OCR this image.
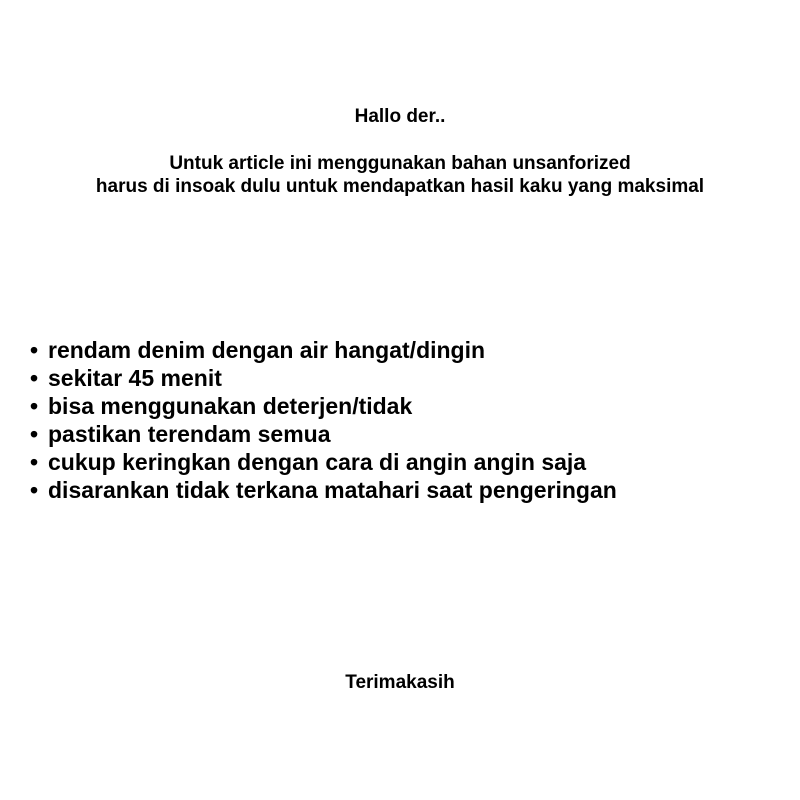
Hallo der..
Untuk article ini menggunakan bahan unsanforized
harus di insoak dulu untuk mendapatkan hasil kaku yang maksimal
• rendam denim dengan air hangat/dingin
• sekitar 45 menit
• bisa menggunakan deterjen/tidak
• pastikan terendam semua
• cukup keringkan dengan cara di angin angin saja
• disarankan tidak terkana matahari saat pengeringan
Terimakasih
